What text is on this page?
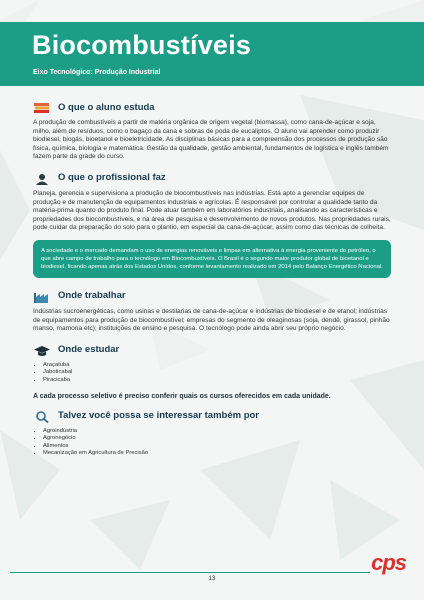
Biocombustíveis
Eixo Tecnológico: Produção Industrial
O que o aluno estuda

A produção de combustíveis a partir de matéria orgânica de origem vegetal (biomassa), como cana-de-açúcar e soja, milho, além de resíduos, como o bagaço da cana e sobras de poda de eucaliptos. O aluno vai aprender como produzir biodiesel, biogás, bioetanol e bioeletricidade. As disciplinas básicas para a compreensão dos processos de produção são física, química, biologia e matemática. Gestão da qualidade, gestão ambiental, fundamentos de logística e inglês também fazem parte da grade do curso.

O que o profissional faz

Planeja, gerencia e supervisiona a produção de biocombustíveis nas indústrias. Está apto a gerenciar equipes de produção e de manutenção de equipamentos industriais e agrícolas. É responsável por controlar a qualidade tanto da matéria-prima quanto do produto final. Pode atuar também em laboratórios industriais, analisando as características e propriedades dos biocombustíveis, e na área de pesquisa e desenvolvimento de novos produtos. Nas propriedades rurais, pode cuidar da preparação do solo para o plantio, em especial da cana-de-açúcar, assim como das técnicas de colheita.

A sociedade e o mercado demandam o uso de energias renováveis e limpas em alternativa à energia proveniente do petróleo, o que abre campo de trabalho para o tecnólogo em Biocombustíveis. O Brasil é o segundo maior produtor global de bioetanol e biodiesel, ficando apenas atrás dos Estados Unidos, conforme levantamento realizado em 2014 pelo Balanço Energético Nacional.
Onde trabalhar

Indústrias sucroenergéticas, como usinas e destilarias de cana-de-açúcar e indústrias de biodiesel e de etanol; indústrias de equipamentos para produção de biocombustível; empresas do segmento de oleaginosas (soja, dendê, girassol, pinhão manso, mamona etc); instituições de ensino e pesquisa. O tecnólogo pode ainda abrir seu próprio negócio.

Onde estudar
• Araçatuba
• Jaboticabal
• Piracicaba

A cada processo seletivo é preciso conferir quais os cursos oferecidos em cada unidade.

Talvez você possa se interessar também por
• Agroindústria
• Agronegócio
• Alimentos
• Mecanização em Agricultura de Precisão
cps
13
